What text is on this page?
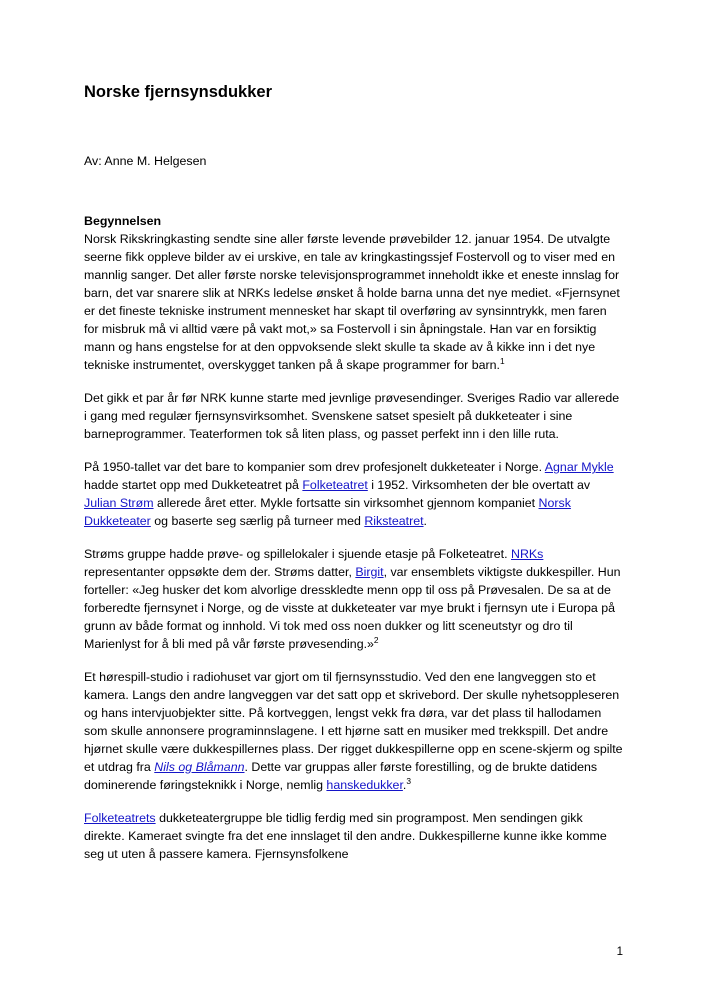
Norske fjernsynsdukker

Av: Anne M. Helgesen

Begynnelsen

Norsk Rikskringkasting sendte sine aller første levende prøvebilder 12. januar 1954. De utvalgte seerne fikk oppleve bilder av ei urskive, en tale av kringkastingssjef Fostervoll og to viser med en mannlig sanger. Det aller første norske televisjonsprogrammet inneholdt ikke et eneste innslag for barn, det var snarere slik at NRKs ledelse ønsket å holde barna unna det nye mediet. «Fjernsynet er det fineste tekniske instrument mennesket har skapt til overføring av synsinntrykk, men faren for misbruk må vi alltid være på vakt mot,» sa Fostervoll i sin åpningstale. Han var en forsiktig mann og hans engstelse for at den oppvoksende slekt skulle ta skade av å kikke inn i det nye tekniske instrumentet, overskygget tanken på å skape programmer for barn.$^1$

Det gikk et par år før NRK kunne starte med jevnlige prøvesendinger. Sveriges Radio var allerede i gang med regulær fjernsynsvirksomhet. Svenskene satset spesielt på dukketeater i sine barneprogrammer. Teaterformen tok så liten plass, og passet perfekt inn i den lille ruta.

På 1950-tallet var det bare to kompanier som drev profesjonelt dukketeater i Norge. Agnar Mykle hadde startet opp med Dukketeatret på Folketeatret i 1952. Virksomheten der ble overtatt av Julian Strøm allerede året etter. Mykle fortsatte sin virksomhet gjennom kompaniet Norsk Dukketeater og baserte seg særlig på turneer med Riksteatret.

Strøms gruppe hadde prøve- og spillelokaler i sjuende etasje på Folketeatret. NRKs representanter oppsøkte dem der. Strøms datter, Birgit, var ensemblets viktigste dukkespiller. Hun forteller: «Jeg husker det kom alvorlige dresskledte menn opp til oss på Prøvesalen. De sa at de forberedte fjernsynet i Norge, og de visste at dukketeater var mye brukt i fjernsyn ute i Europa på grunn av både format og innhold. Vi tok med oss noen dukker og litt sceneutstyr og dro til Marienlyst for å bli med på vår første prøvesending.»$^2$

Et hørespill-studio i radiohuset var gjort om til fjernsynsstudio. Ved den ene langveggen sto et kamera. Langs den andre langveggen var det satt opp et skrivebord. Der skulle nyhetsoppleseren og hans intervjuobjekter sitte. På kortveggen, lengst vekk fra døra, var det plass til hallodamen som skulle annonsere programinnslagene. I ett hjørne satt en musiker med trekkspill. Det andre hjørnet skulle være dukkespillernes plass. Der rigget dukkespillerne opp en scene-skjerm og spilte et utdrag fra Nils og Blåmann. Dette var gruppas aller første forestilling, og de brukte datidens dominerende føringsteknikk i Norge, nemlig hanskedukker.$^3$

Folketeatrets dukketeatergruppe ble tidlig ferdig med sin programpost. Men sendingen gikk direkte. Kameraet svingte fra det ene innslaget til den andre. Dukkespillerne kunne ikke komme seg ut uten å passere kamera. Fjernsynsfolkene

1
